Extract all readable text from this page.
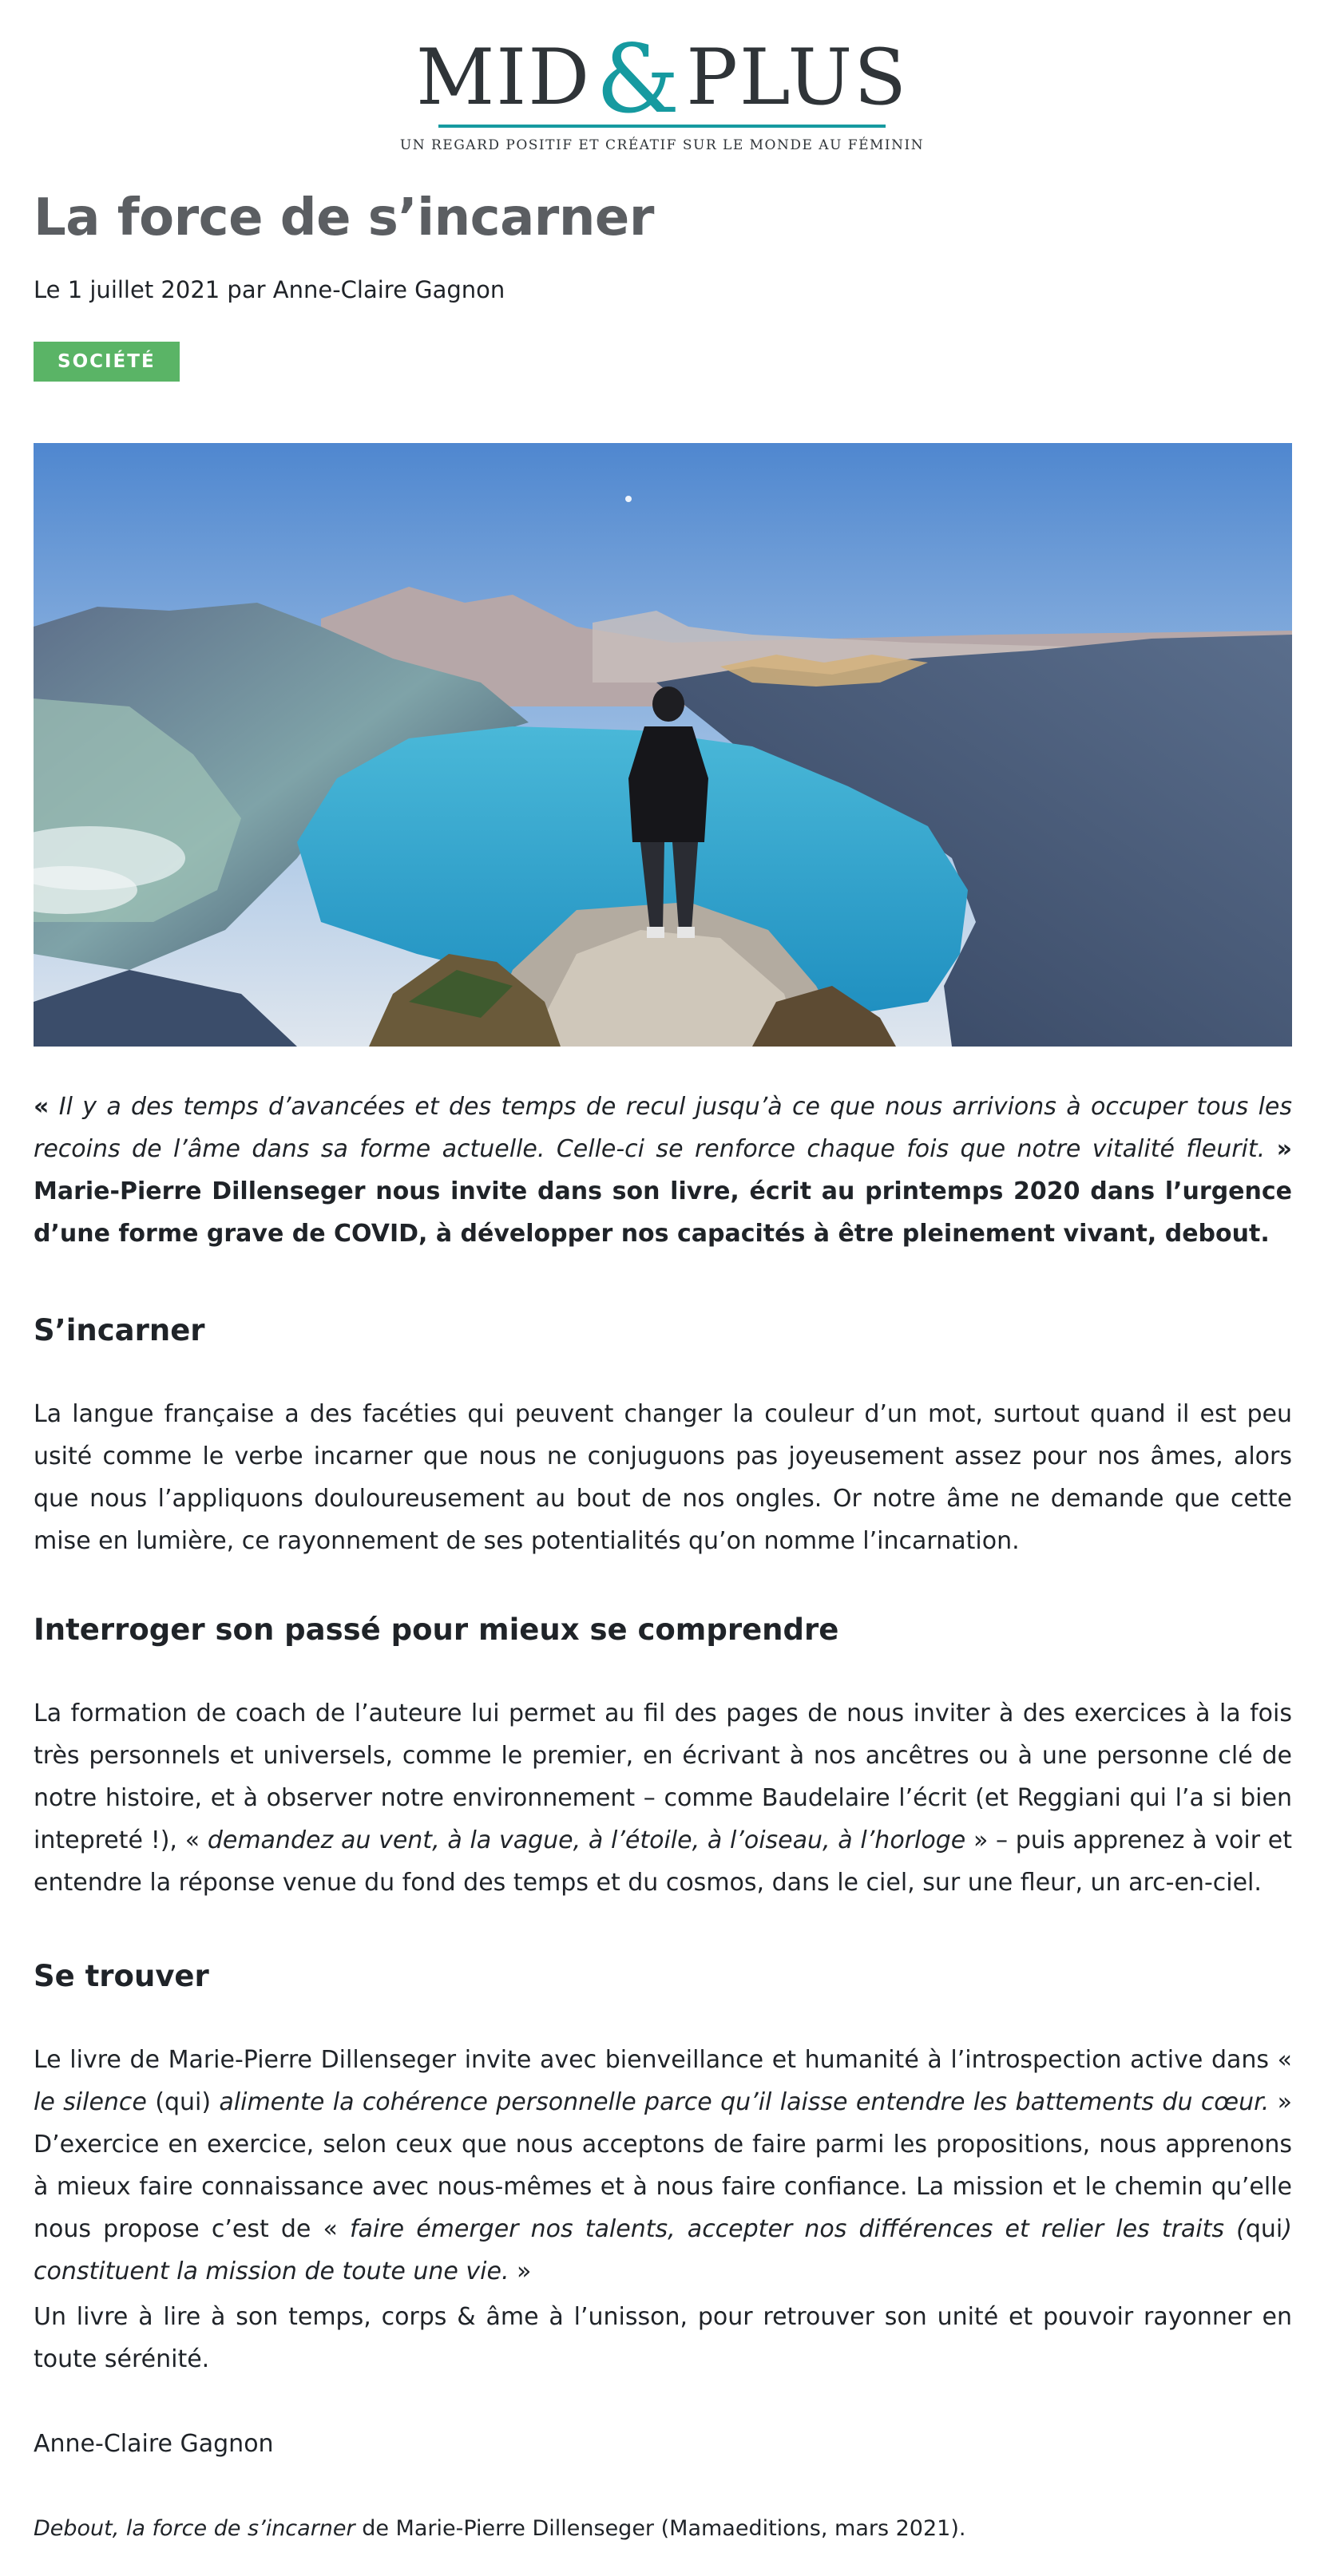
MID&PLUS
UN REGARD POSITIF ET CRÉATIF SUR LE MONDE AU FÉMININ
La force de s’incarner
Le 1 juillet 2021 par Anne-Claire Gagnon
SOCIÉTÉ

« Il y a des temps d’avancées et des temps de recul jusqu’à ce que nous arrivions à occuper tous les recoins de l’âme dans sa forme actuelle. Celle-ci se renforce chaque fois que notre vitalité fleurit. » Marie-Pierre Dillenseger nous invite dans son livre, écrit au printemps 2020 dans l’urgence d’une forme grave de COVID, à développer nos capacités à être pleinement vivant, debout.

S’incarner

La langue française a des facéties qui peuvent changer la couleur d’un mot, surtout quand il est peu usité comme le verbe incarner que nous ne conjuguons pas joyeusement assez pour nos âmes, alors que nous l’appliquons douloureusement au bout de nos ongles. Or notre âme ne demande que cette mise en lumière, ce rayonnement de ses potentialités qu’on nomme l’incarnation.

Interroger son passé pour mieux se comprendre

La formation de coach de l’auteure lui permet au fil des pages de nous inviter à des exercices à la fois très personnels et universels, comme le premier, en écrivant à nos ancêtres ou à une personne clé de notre histoire, et à observer notre environnement – comme Baudelaire l’écrit (et Reggiani qui l’a si bien intepreté !), « demandez au vent, à la vague, à l’étoile, à l’oiseau, à l’horloge » – puis apprenez à voir et entendre la réponse venue du fond des temps et du cosmos, dans le ciel, sur une fleur, un arc-en-ciel.

Se trouver

Le livre de Marie-Pierre Dillenseger invite avec bienveillance et humanité à l’introspection active dans « le silence (qui) alimente la cohérence personnelle parce qu’il laisse entendre les battements du cœur. » D’exercice en exercice, selon ceux que nous acceptons de faire parmi les propositions, nous apprenons à mieux faire connaissance avec nous-mêmes et à nous faire confiance. La mission et le chemin qu’elle nous propose c’est de « faire émerger nos talents, accepter nos différences et relier les traits (qui) constituent la mission de toute une vie. »

Un livre à lire à son temps, corps & âme à l’unisson, pour retrouver son unité et pouvoir rayonner en toute sérénité.

Anne-Claire Gagnon
Debout, la force de s’incarner de Marie-Pierre Dillenseger (Mamaeditions, mars 2021).
